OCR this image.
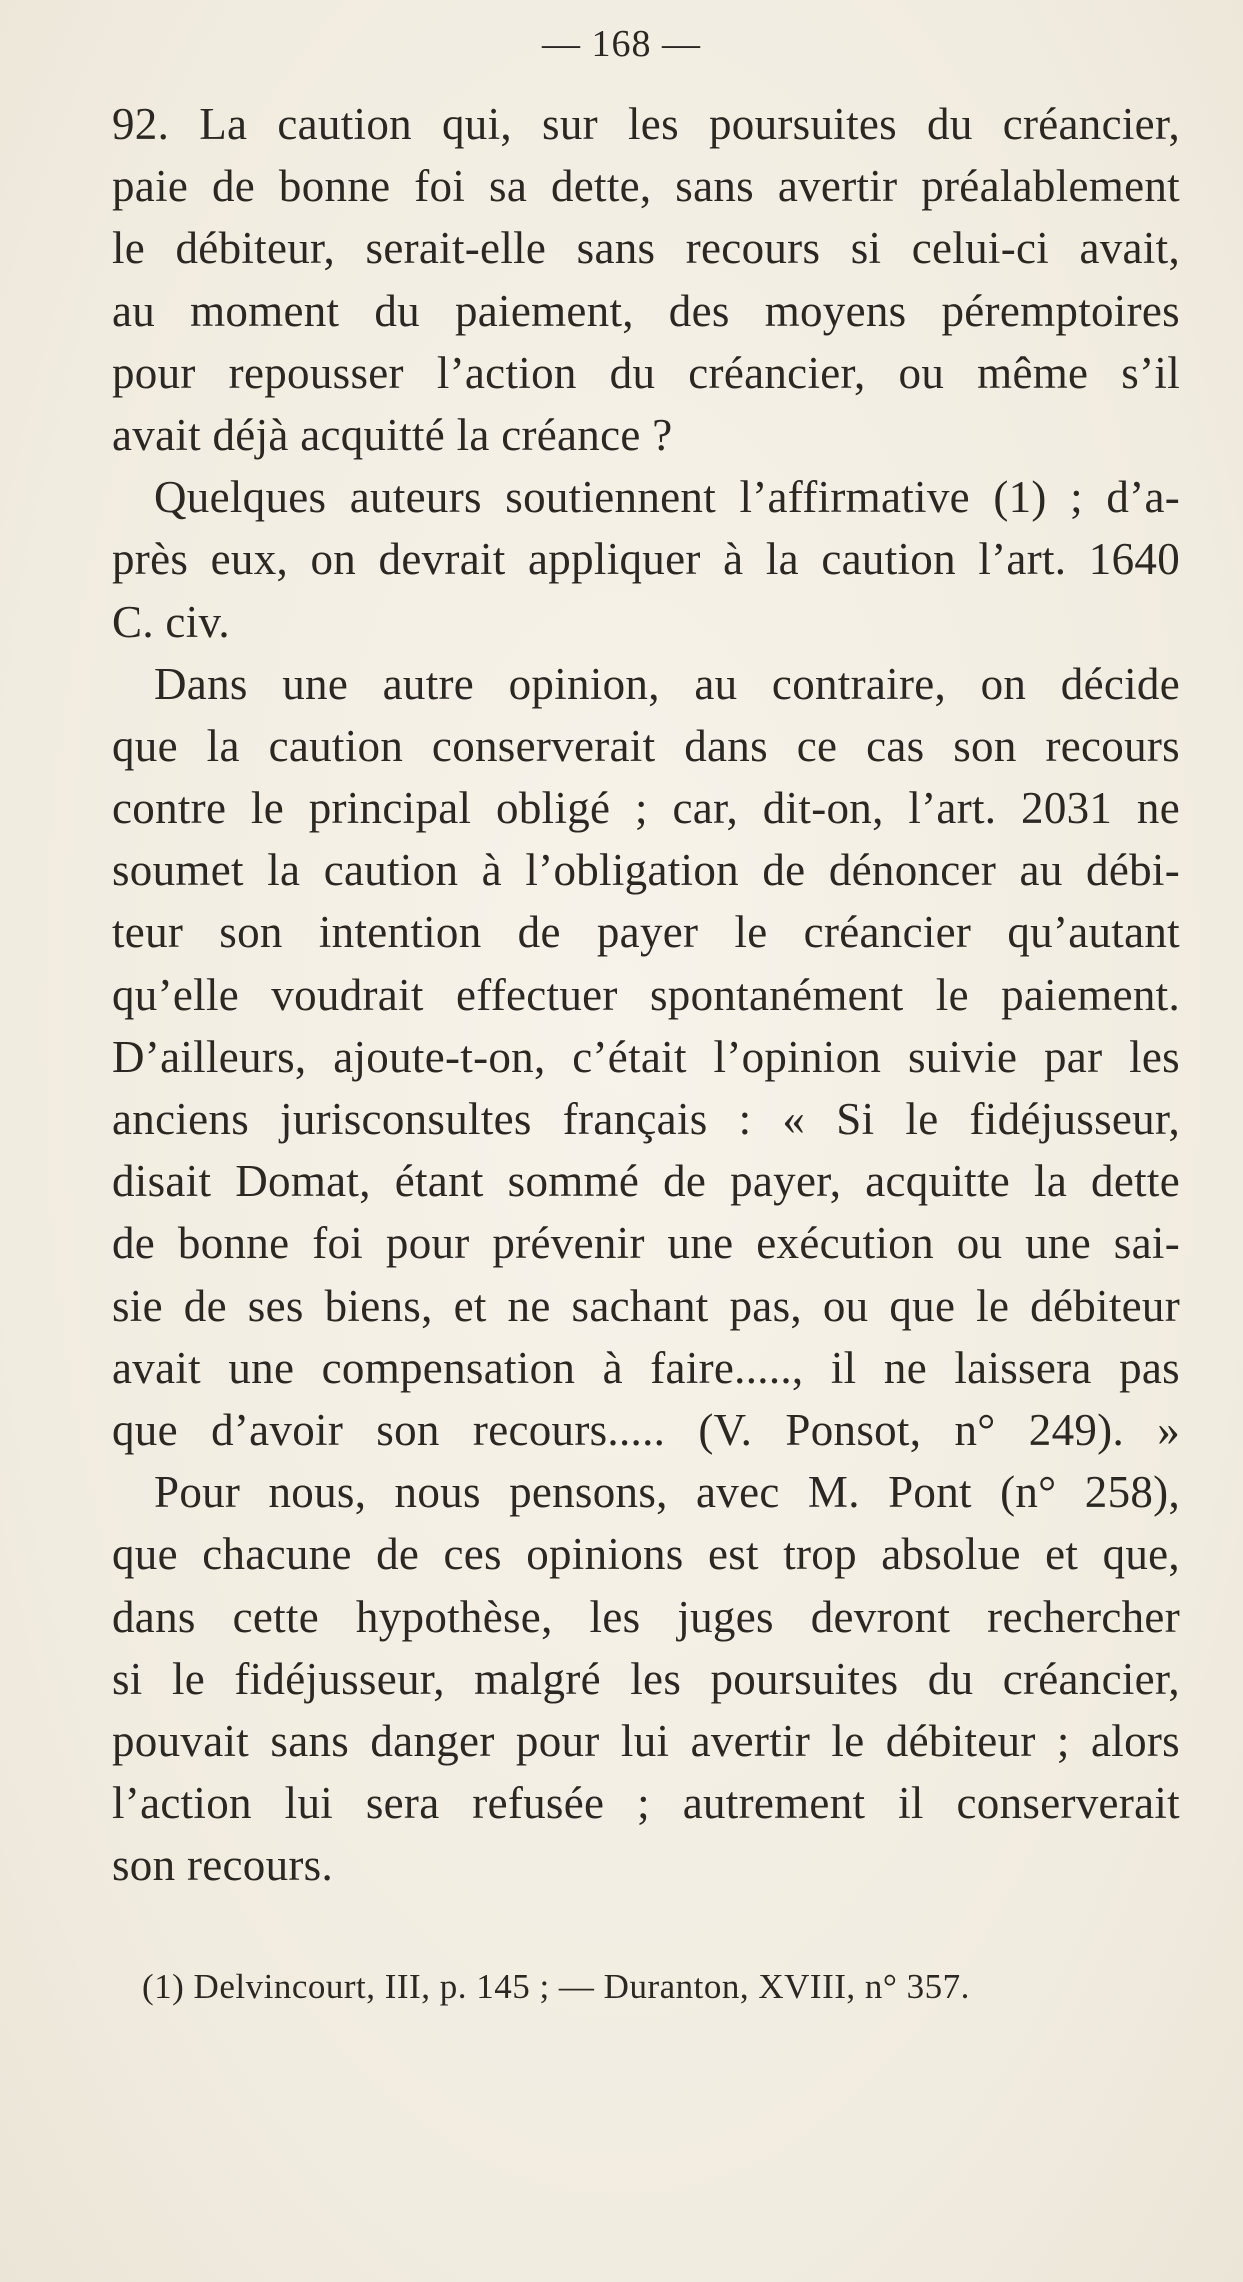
— 168 —
92. La caution qui, sur les poursuites du créancier,
paie de bonne foi sa dette, sans avertir préalablement
le débiteur, serait-elle sans recours si celui-ci avait,
au moment du paiement, des moyens péremptoires
pour repousser l’action du créancier, ou même s’il
avait déjà acquitté la créance ?
Quelques auteurs soutiennent l’affirmative (1) ; d’a-
près eux, on devrait appliquer à la caution l’art. 1640
C. civ.
Dans une autre opinion, au contraire, on décide
que la caution conserverait dans ce cas son recours
contre le principal obligé ; car, dit-on, l’art. 2031 ne
soumet la caution à l’obligation de dénoncer au débi-
teur son intention de payer le créancier qu’autant
qu’elle voudrait effectuer spontanément le paiement.
D’ailleurs, ajoute-t-on, c’était l’opinion suivie par les
anciens jurisconsultes français : « Si le fidéjusseur,
disait Domat, étant sommé de payer, acquitte la dette
de bonne foi pour prévenir une exécution ou une sai-
sie de ses biens, et ne sachant pas, ou que le débiteur
avait une compensation à faire....., il ne laissera pas
que d’avoir son recours..... (V. Ponsot, n° 249). »
Pour nous, nous pensons, avec M. Pont (n° 258),
que chacune de ces opinions est trop absolue et que,
dans cette hypothèse, les juges devront rechercher
si le fidéjusseur, malgré les poursuites du créancier,
pouvait sans danger pour lui avertir le débiteur ; alors
l’action lui sera refusée ; autrement il conserverait
son recours.
(1) Delvincourt, III, p. 145 ; — Duranton, XVIII, n° 357.
